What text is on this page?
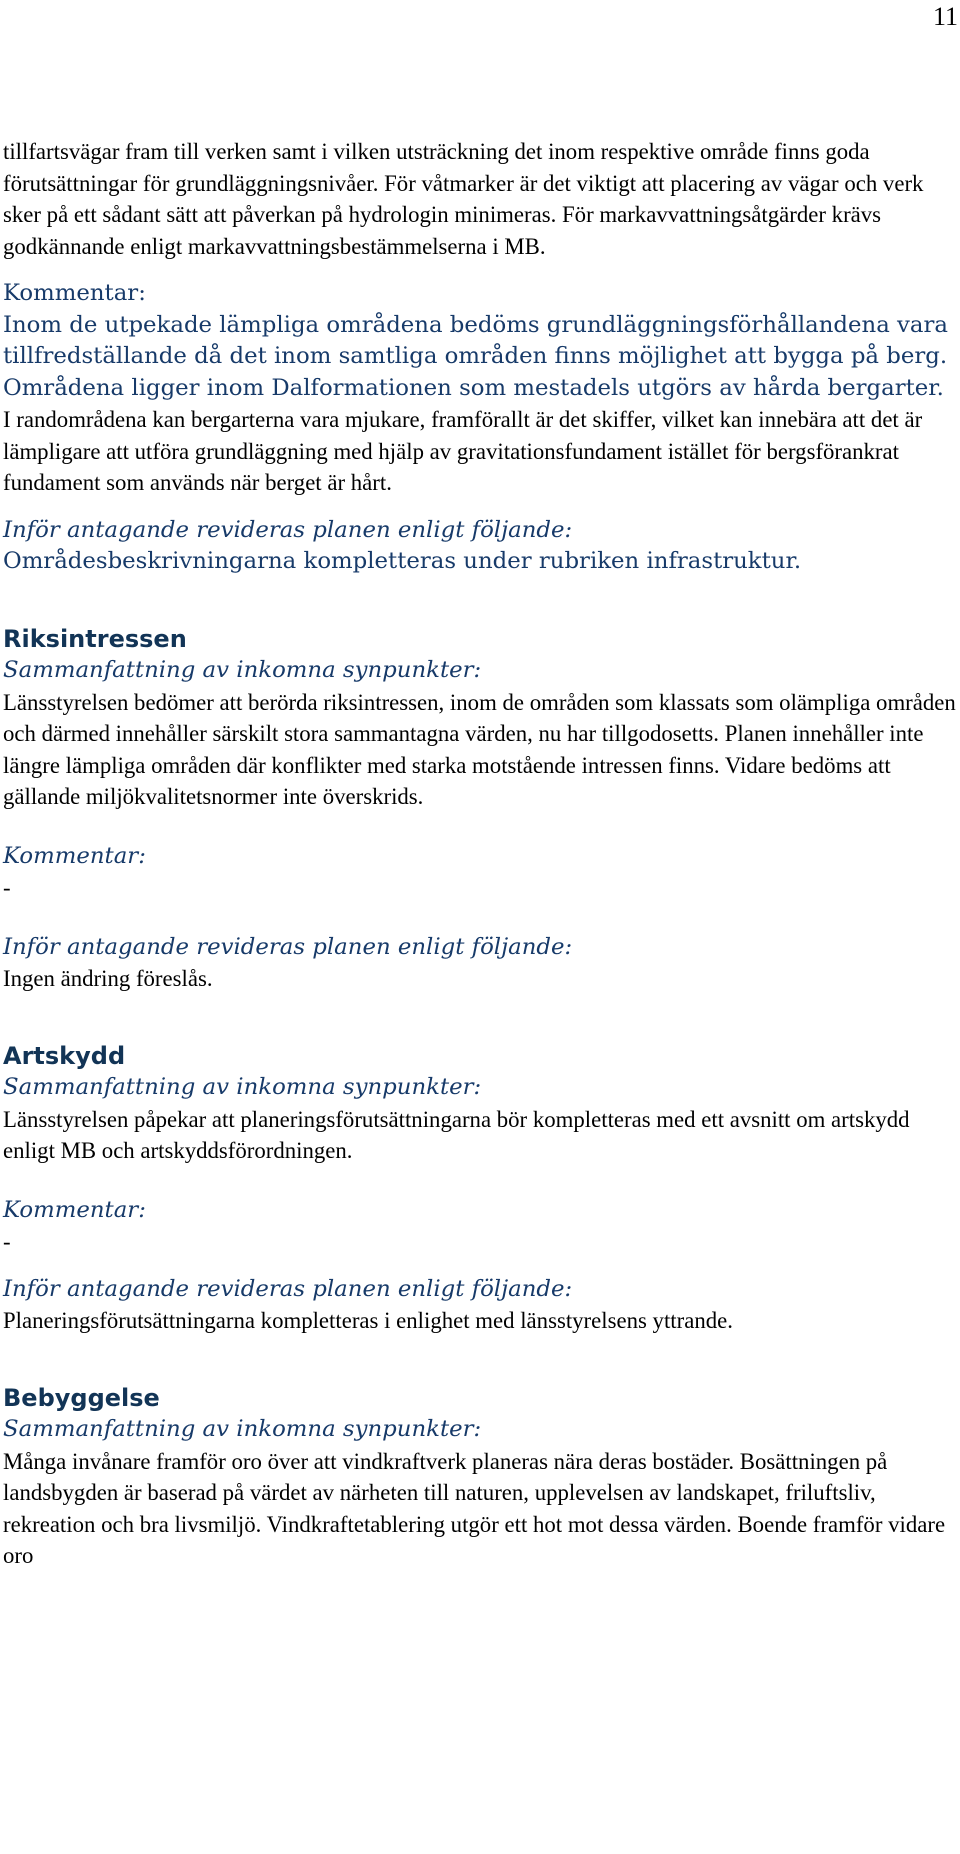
11

tillfartsvägar fram till verken samt i vilken utsträckning det inom respektive område finns goda förutsättningar för grundläggningsnivåer. För våtmarker är det viktigt att placering av vägar och verk sker på ett sådant sätt att påverkan på hydrologin minimeras. För markavvattningsåtgärder krävs godkännande enligt markavvattningsbestämmelserna i MB.

Kommentar:

Inom de utpekade lämpliga områdena bedöms grundläggningsförhållandena vara tillfredställande då det inom samtliga områden finns möjlighet att bygga på berg. Områdena ligger inom Dalformationen som mestadels utgörs av hårda bergarter.

I randområdena kan bergarterna vara mjukare, framförallt är det skiffer, vilket kan innebära att det är lämpligare att utföra grundläggning med hjälp av gravitationsfundament istället för bergsförankrat fundament som används när berget är hårt.

Inför antagande revideras planen enligt följande:

Områdesbeskrivningarna kompletteras under rubriken infrastruktur.

Riksintressen

Sammanfattning av inkomna synpunkter:

Länsstyrelsen bedömer att berörda riksintressen, inom de områden som klassats som olämpliga områden och därmed innehåller särskilt stora sammantagna värden, nu har tillgodosetts. Planen innehåller inte längre lämpliga områden där konflikter med starka motstående intressen finns. Vidare bedöms att gällande miljökvalitetsnormer inte överskrids.

Kommentar:

-

Inför antagande revideras planen enligt följande:

Ingen ändring föreslås.

Artskydd

Sammanfattning av inkomna synpunkter:

Länsstyrelsen påpekar att planeringsförutsättningarna bör kompletteras med ett avsnitt om artskydd enligt MB och artskyddsförordningen.

Kommentar:

-

Inför antagande revideras planen enligt följande:

Planeringsförutsättningarna kompletteras i enlighet med länsstyrelsens yttrande.

Bebyggelse

Sammanfattning av inkomna synpunkter:

Många invånare framför oro över att vindkraftverk planeras nära deras bostäder. Bosättningen på landsbygden är baserad på värdet av närheten till naturen, upplevelsen av landskapet, friluftsliv, rekreation och bra livsmiljö. Vindkraftetablering utgör ett hot mot dessa värden. Boende framför vidare oro
